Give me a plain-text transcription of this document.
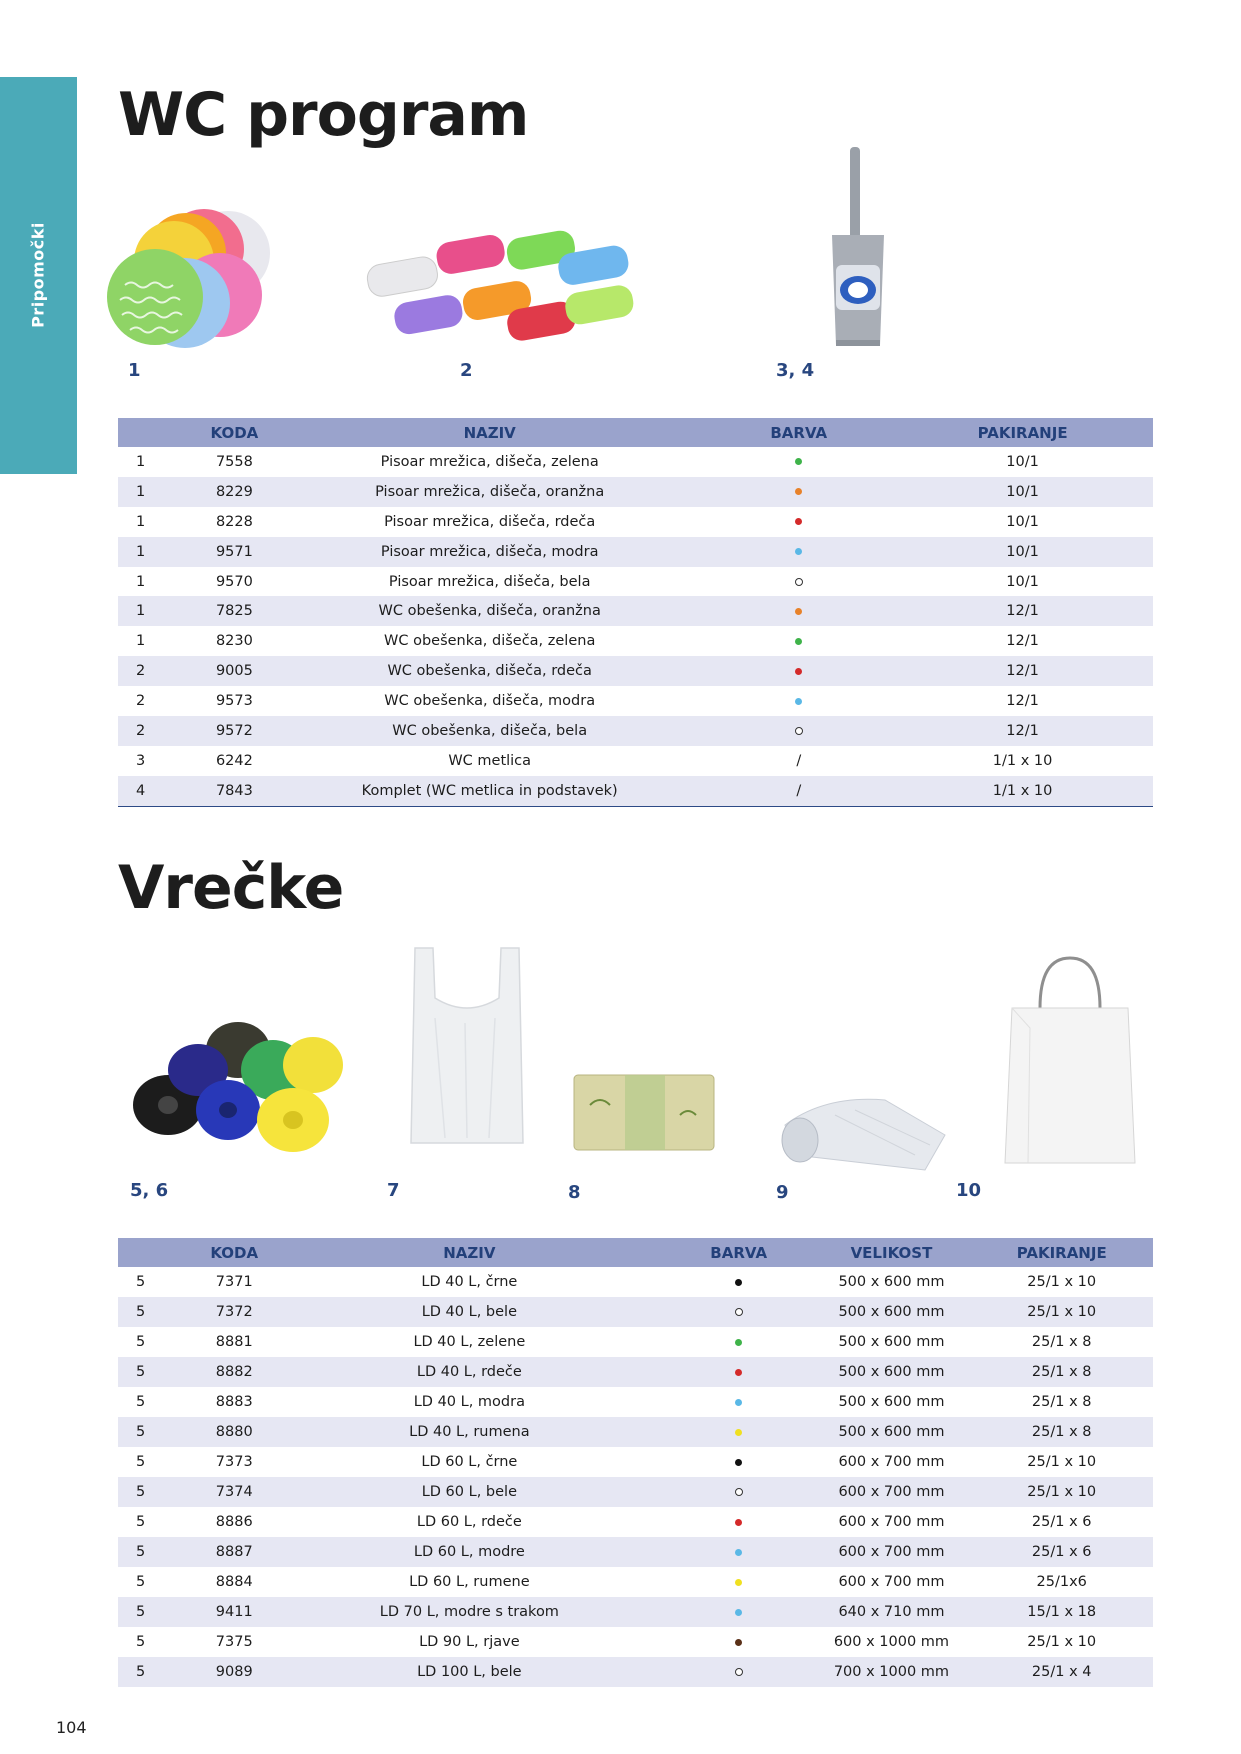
Pripomočki
WC program
1	2	3, 4
	KODA	NAZIV	BARVA	PAKIRANJE
1	7558	Pisoar mrežica, dišeča, zelena		10/1
1	8229	Pisoar mrežica, dišeča, oranžna		10/1
1	8228	Pisoar mrežica, dišeča, rdeča		10/1
1	9571	Pisoar mrežica, dišeča, modra		10/1
1	9570	Pisoar mrežica, dišeča, bela		10/1
1	7825	WC obešenka, dišeča, oranžna		12/1
1	8230	WC obešenka, dišeča, zelena		12/1
2	9005	WC obešenka, dišeča, rdeča		12/1
2	9573	WC obešenka, dišeča, modra		12/1
2	9572	WC obešenka, dišeča, bela		12/1
3	6242	WC metlica	/	1/1 x 10
4	7843	Komplet (WC metlica in podstavek)	/	1/1 x 10
Vrečke
5, 6	7	8	9	10
	KODA	NAZIV	BARVA	VELIKOST	PAKIRANJE
5	7371	LD 40 L, črne		500 x 600 mm	25/1 x 10
5	7372	LD 40 L, bele		500 x 600 mm	25/1 x 10
5	8881	LD 40 L, zelene		500 x 600 mm	25/1 x 8
5	8882	LD 40 L, rdeče		500 x 600 mm	25/1 x 8
5	8883	LD 40 L, modra		500 x 600 mm	25/1 x 8
5	8880	LD 40 L, rumena		500 x 600 mm	25/1 x 8
5	7373	LD 60 L, črne		600 x 700 mm	25/1 x 10
5	7374	LD 60 L, bele		600 x 700 mm	25/1 x 10
5	8886	LD 60 L, rdeče		600 x 700 mm	25/1 x 6
5	8887	LD 60 L, modre		600 x 700 mm	25/1 x 6
5	8884	LD 60 L, rumene		600 x 700 mm	25/1x6
5	9411	LD 70 L, modre s trakom		640 x 710 mm	15/1 x 18
5	7375	LD 90 L, rjave		600 x 1000 mm	25/1 x 10
5	9089	LD 100 L, bele		700 x 1000 mm	25/1 x 4
104
